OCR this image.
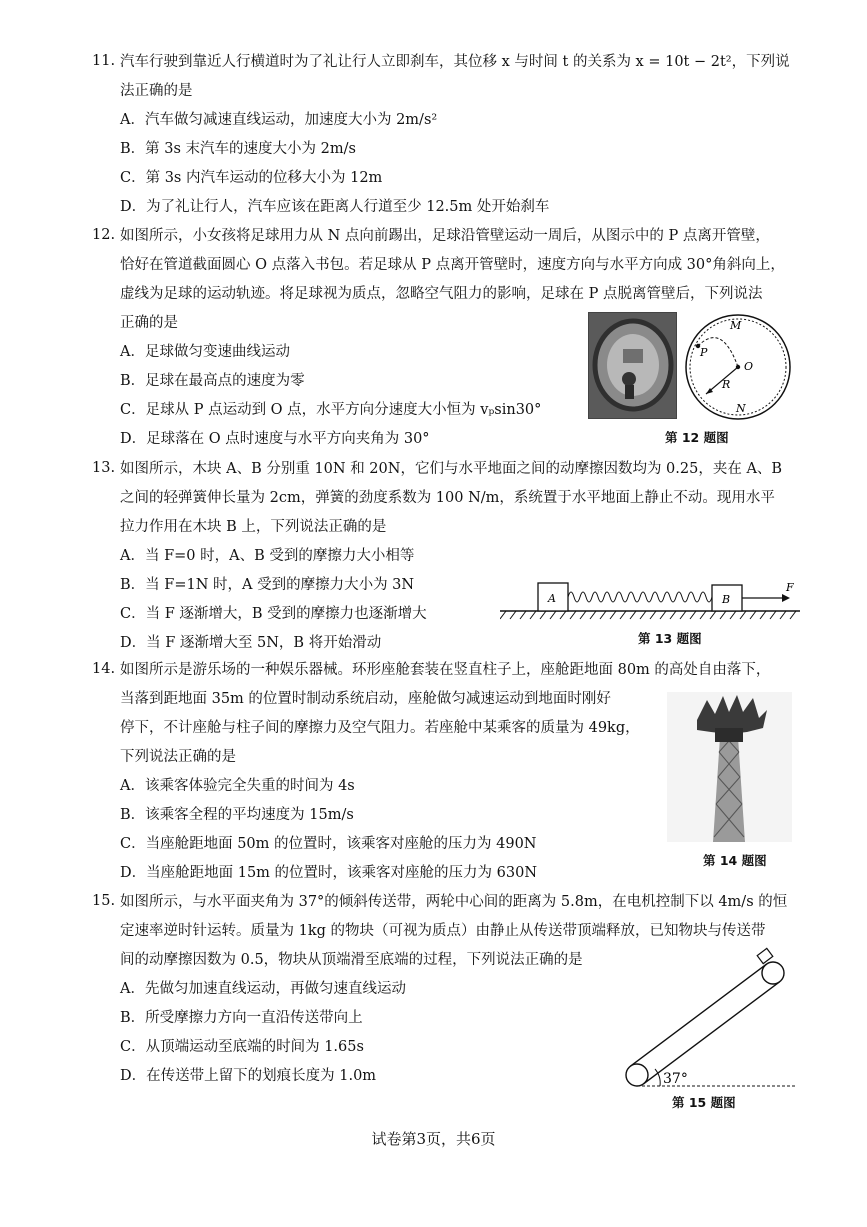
11. 汽车行驶到靠近人行横道时为了礼让行人立即刹车，其位移 x 与时间 t 的关系为 x = 10t − 2t²，下列说
法正确的是
A．汽车做匀减速直线运动，加速度大小为 2m/s²
B．第 3s 末汽车的速度大小为 2m/s
C．第 3s 内汽车运动的位移大小为 12m
D．为了礼让行人，汽车应该在距离人行道至少 12.5m 处开始刹车
12. 如图所示，小女孩将足球用力从 N 点向前踢出，足球沿管壁运动一周后，从图示中的 P 点离开管壁，
恰好在管道截面圆心 O 点落入书包。若足球从 P 点离开管壁时，速度方向与水平方向成 30°角斜向上，
虚线为足球的运动轨迹。将足球视为质点，忽略空气阻力的影响，足球在 P 点脱离管壁后，下列说法
正确的是
A．足球做匀变速曲线运动
B．足球在最高点的速度为零
C．足球从 P 点运动到 O 点，水平方向分速度大小恒为 vₚsin30°
D．足球落在 O 点时速度与水平方向夹角为 30°
M
P
O
R
N
第 12 题图
13. 如图所示，木块 A、B 分别重 10N 和 20N，它们与水平地面之间的动摩擦因数均为 0.25，夹在 A、B
之间的轻弹簧伸长量为 2cm，弹簧的劲度系数为 100 N/m，系统置于水平地面上静止不动。现用水平
拉力作用在木块 B 上，下列说法正确的是
A．当 F=0 时，A、B 受到的摩擦力大小相等
B．当 F=1N 时，A 受到的摩擦力大小为 3N
C．当 F 逐渐增大，B 受到的摩擦力也逐渐增大
D．当 F 逐渐增大至 5N，B 将开始滑动
A	B
F
第 13 题图
14. 如图所示是游乐场的一种娱乐器械。环形座舱套装在竖直柱子上，座舱距地面 80m 的高处自由落下，
当落到距地面 35m 的位置时制动系统启动，座舱做匀减速运动到地面时刚好
停下，不计座舱与柱子间的摩擦力及空气阻力。若座舱中某乘客的质量为 49kg，
下列说法正确的是
A．该乘客体验完全失重的时间为 4s
B．该乘客全程的平均速度为 15m/s
C．当座舱距地面 50m 的位置时，该乘客对座舱的压力为 490N
D．当座舱距地面 15m 的位置时，该乘客对座舱的压力为 630N
第 14 题图
15. 如图所示，与水平面夹角为 37°的倾斜传送带，两轮中心间的距离为 5.8m，在电机控制下以 4m/s 的恒
定速率逆时针运转。质量为 1kg 的物块（可视为质点）由静止从传送带顶端释放，已知物块与传送带
间的动摩擦因数为 0.5，物块从顶端滑至底端的过程，下列说法正确的是
A．先做匀加速直线运动，再做匀速直线运动
B．所受摩擦力方向一直沿传送带向上
C．从顶端运动至底端的时间为 1.65s
D．在传送带上留下的划痕长度为 1.0m	37°
第 15 题图
试卷第3页，共6页
